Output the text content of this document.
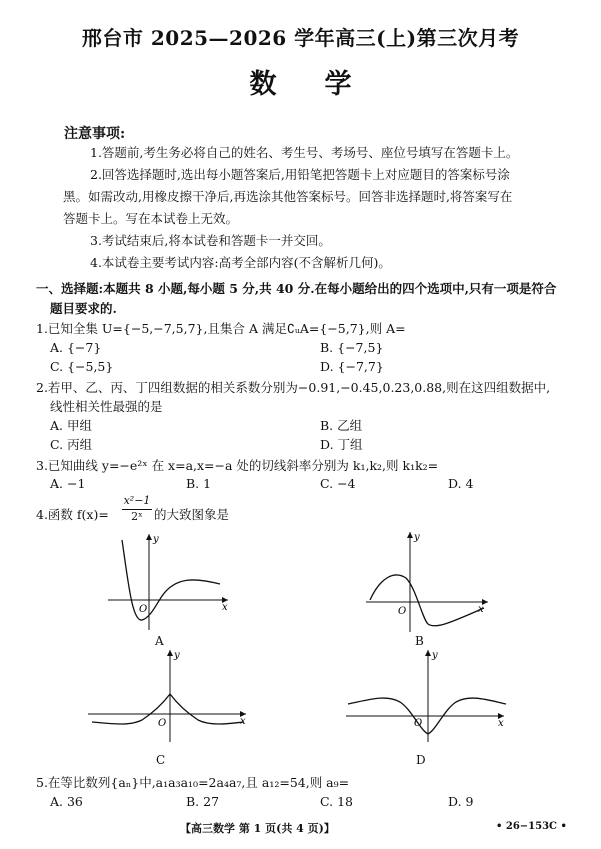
邢台市 2025—2026 学年高三(上)第三次月考
数学
注意事项:
1.答题前,考生务必将自己的姓名、考生号、考场号、座位号填写在答题卡上。
2.回答选择题时,选出每小题答案后,用铅笔把答题卡上对应题目的答案标号涂
黑。如需改动,用橡皮擦干净后,再选涂其他答案标号。回答非选择题时,将答案写在
答题卡上。写在本试卷上无效。
3.考试结束后,将本试卷和答题卡一并交回。
4.本试卷主要考试内容:高考全部内容(不含解析几何)。
一、选择题:本题共 8 小题,每小题 5 分,共 40 分.在每小题给出的四个选项中,只有一项是符合
题目要求的.
1.已知全集 U={−5,−7,5,7},且集合 A 满足∁ᵤA={−5,7},则 A=
A. {−7}	B. {−7,5}
C. {−5,5}	D. {−7,7}
2.若甲、乙、丙、丁四组数据的相关系数分别为−0.91,−0.45,0.23,0.88,则在这四组数据中,
线性相关性最强的是
A. 甲组	B. 乙组
C. 丙组	D. 丁组
3.已知曲线 y=−e²ˣ 在 x=a,x=−a 处的切线斜率分别为 k₁,k₂,则 k₁k₂=
A. −1	B. 1	C. −4	D. 4
4.函数 f(x)=
x²−1
2ˣ 的大致图象是
x
y
O
A
x
y
O
B
x
y
O
C
x
y
O
D
5.在等比数列{aₙ}中,a₁a₃a₁₀=2a₄a₇,且 a₁₂=54,则 a₉=
A. 36	B. 27	C. 18	D. 9
【高三数学 第 1 页(共 4 页)】	• 26−153C •
